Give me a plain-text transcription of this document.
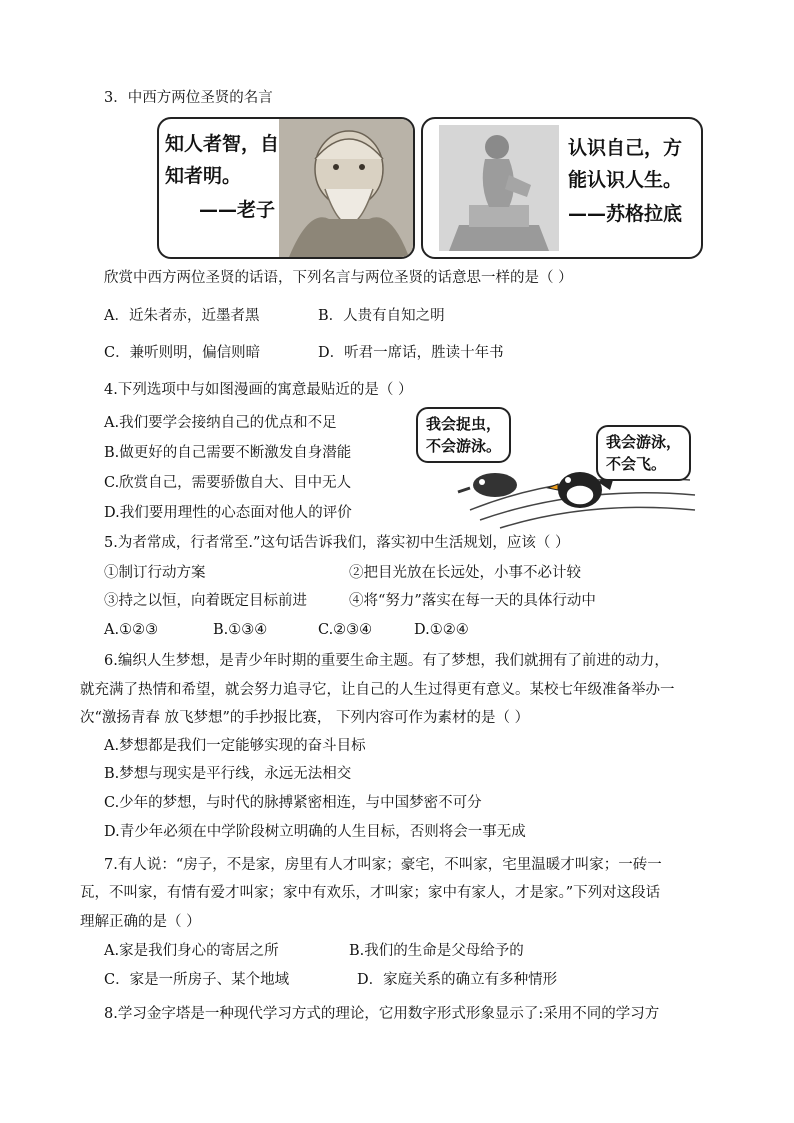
3．中西方两位圣贤的名言
知人者智，自
知者明。
——老子
认识自己，方
能认识人生。
——苏格拉底
欣赏中西方两位圣贤的话语，下列名言与两位圣贤的话意思一样的是（ ）
A．近朱者赤，近墨者黑	B．人贵有自知之明
C．兼听则明，偏信则暗	D．听君一席话，胜读十年书
4.下列选项中与如图漫画的寓意最贴近的是（ ）
A.我们要学会接纳自己的优点和不足
B.做更好的自己需要不断激发自身潜能
C.欣赏自己，需要骄傲自大、目中无人
D.我们要用理性的心态面对他人的评价
我会捉虫，
不会游泳。	我会游泳，
不会飞。
5.为者常成，行者常至.”这句话告诉我们，落实初中生活规划，应该（ ）
①制订行动方案	②把目光放在长远处，小事不必计较
③持之以恒，向着既定目标前进	④将“努力”落实在每一天的具体行动中
A.①②③	B.①③④	C.②③④	D.①②④
6.编织人生梦想，是青少年时期的重要生命主题。有了梦想，我们就拥有了前进的动力，
就充满了热情和希望，就会努力追寻它，让自己的人生过得更有意义。某校七年级准备举办一
次“激扬青春 放飞梦想”的手抄报比赛， 下列内容可作为素材的是（ ）
A.梦想都是我们一定能够实现的奋斗目标
B.梦想与现实是平行线，永远无法相交
C.少年的梦想，与时代的脉搏紧密相连，与中国梦密不可分
D.青少年必须在中学阶段树立明确的人生目标，否则将会一事无成
7.有人说：“房子，不是家，房里有人才叫家；豪宅，不叫家，宅里温暖才叫家；一砖一
瓦，不叫家，有情有爱才叫家；家中有欢乐，才叫家；家中有家人，才是家。”下列对这段话
理解正确的是（ ）
A.家是我们身心的寄居之所	B.我们的生命是父母给予的
C．家是一所房子、某个地域	D．家庭关系的确立有多种情形
8.学习金字塔是一种现代学习方式的理论，它用数字形式形象显示了:采用不同的学习方
